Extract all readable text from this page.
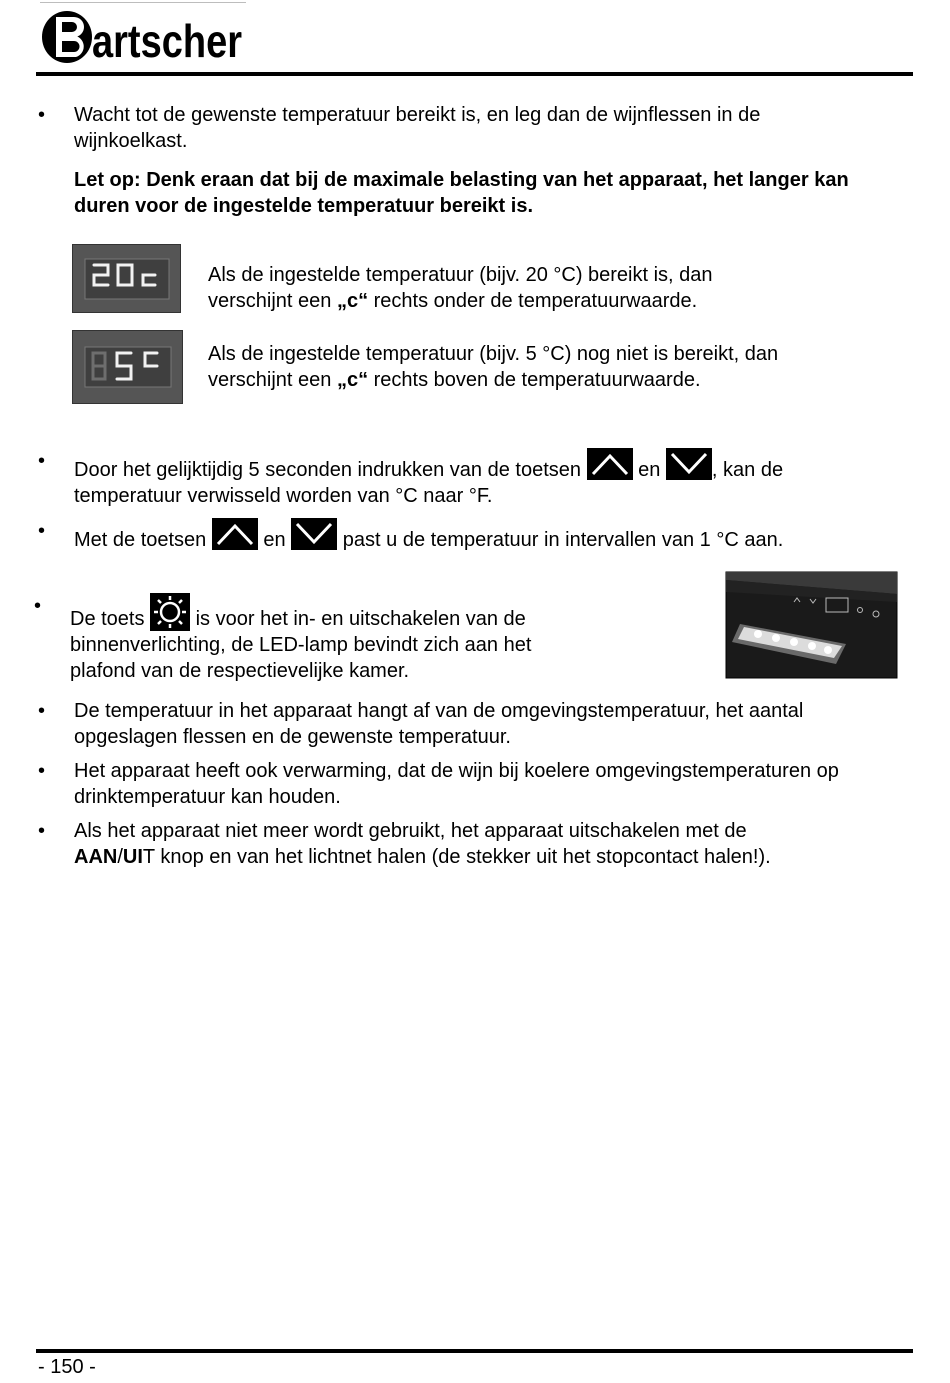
artscher
•
Wacht tot de gewenste temperatuur bereikt is, en leg dan de wijnflessen in de wijnkoelkast.
Let op: Denk eraan dat bij de maximale belasting van het apparaat, het langer kan duren voor de ingestelde temperatuur bereikt is.
Als de ingestelde temperatuur (bijv. 20 °C) bereikt is, dan
verschijnt een „c“ rechts onder de temperatuurwaarde.
Als de ingestelde temperatuur (bijv. 5 °C) nog niet is bereikt, dan
verschijnt een „c“ rechts boven de temperatuurwaarde.
•
Door het gelijktijdig 5 seconden indrukken van de toetsen  en , kan de
temperatuur verwisseld worden van °C naar °F.
•
Met de toetsen  en  past u de temperatuur in intervallen van 1 °C aan.
•
De toets  is voor het in- en uitschakelen van de
binnenverlichting, de LED-lamp bevindt zich aan het
plafond van de respectievelijke kamer.
•
De temperatuur in het apparaat hangt af van de omgevingstemperatuur, het aantal opgeslagen flessen en de gewenste temperatuur.
•
Het apparaat heeft ook verwarming, dat de wijn bij koelere omgevingstemperaturen op drinktemperatuur kan houden.
•
Als het apparaat niet meer wordt gebruikt, het apparaat uitschakelen met de
AAN/UIT knop en van het lichtnet halen (de stekker uit het stopcontact halen!).
- 150 -
